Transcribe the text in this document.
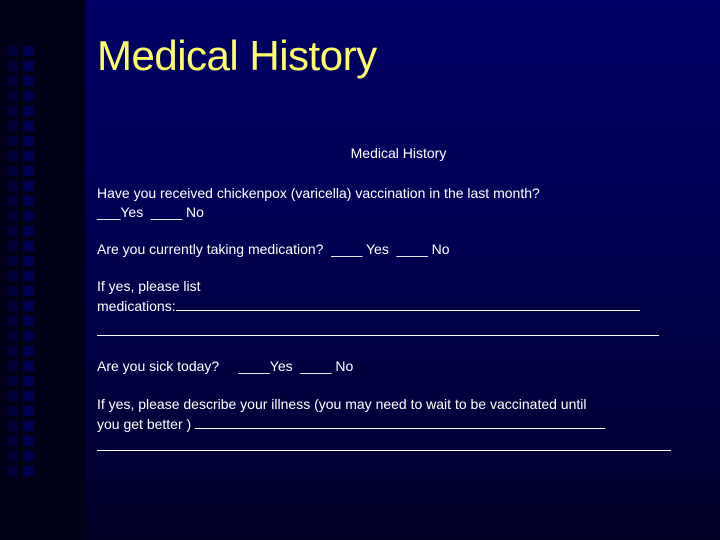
Medical History
Medical History
Have you received chickenpox (varicella) vaccination in the last month?
___Yes  ____ No
Are you currently taking medication?  ____ Yes  ____ No
If yes, please list
medications:
Are you sick today?     ____Yes  ____ No
If yes, please describe your illness (you may need to wait to be vaccinated until
you get better )
